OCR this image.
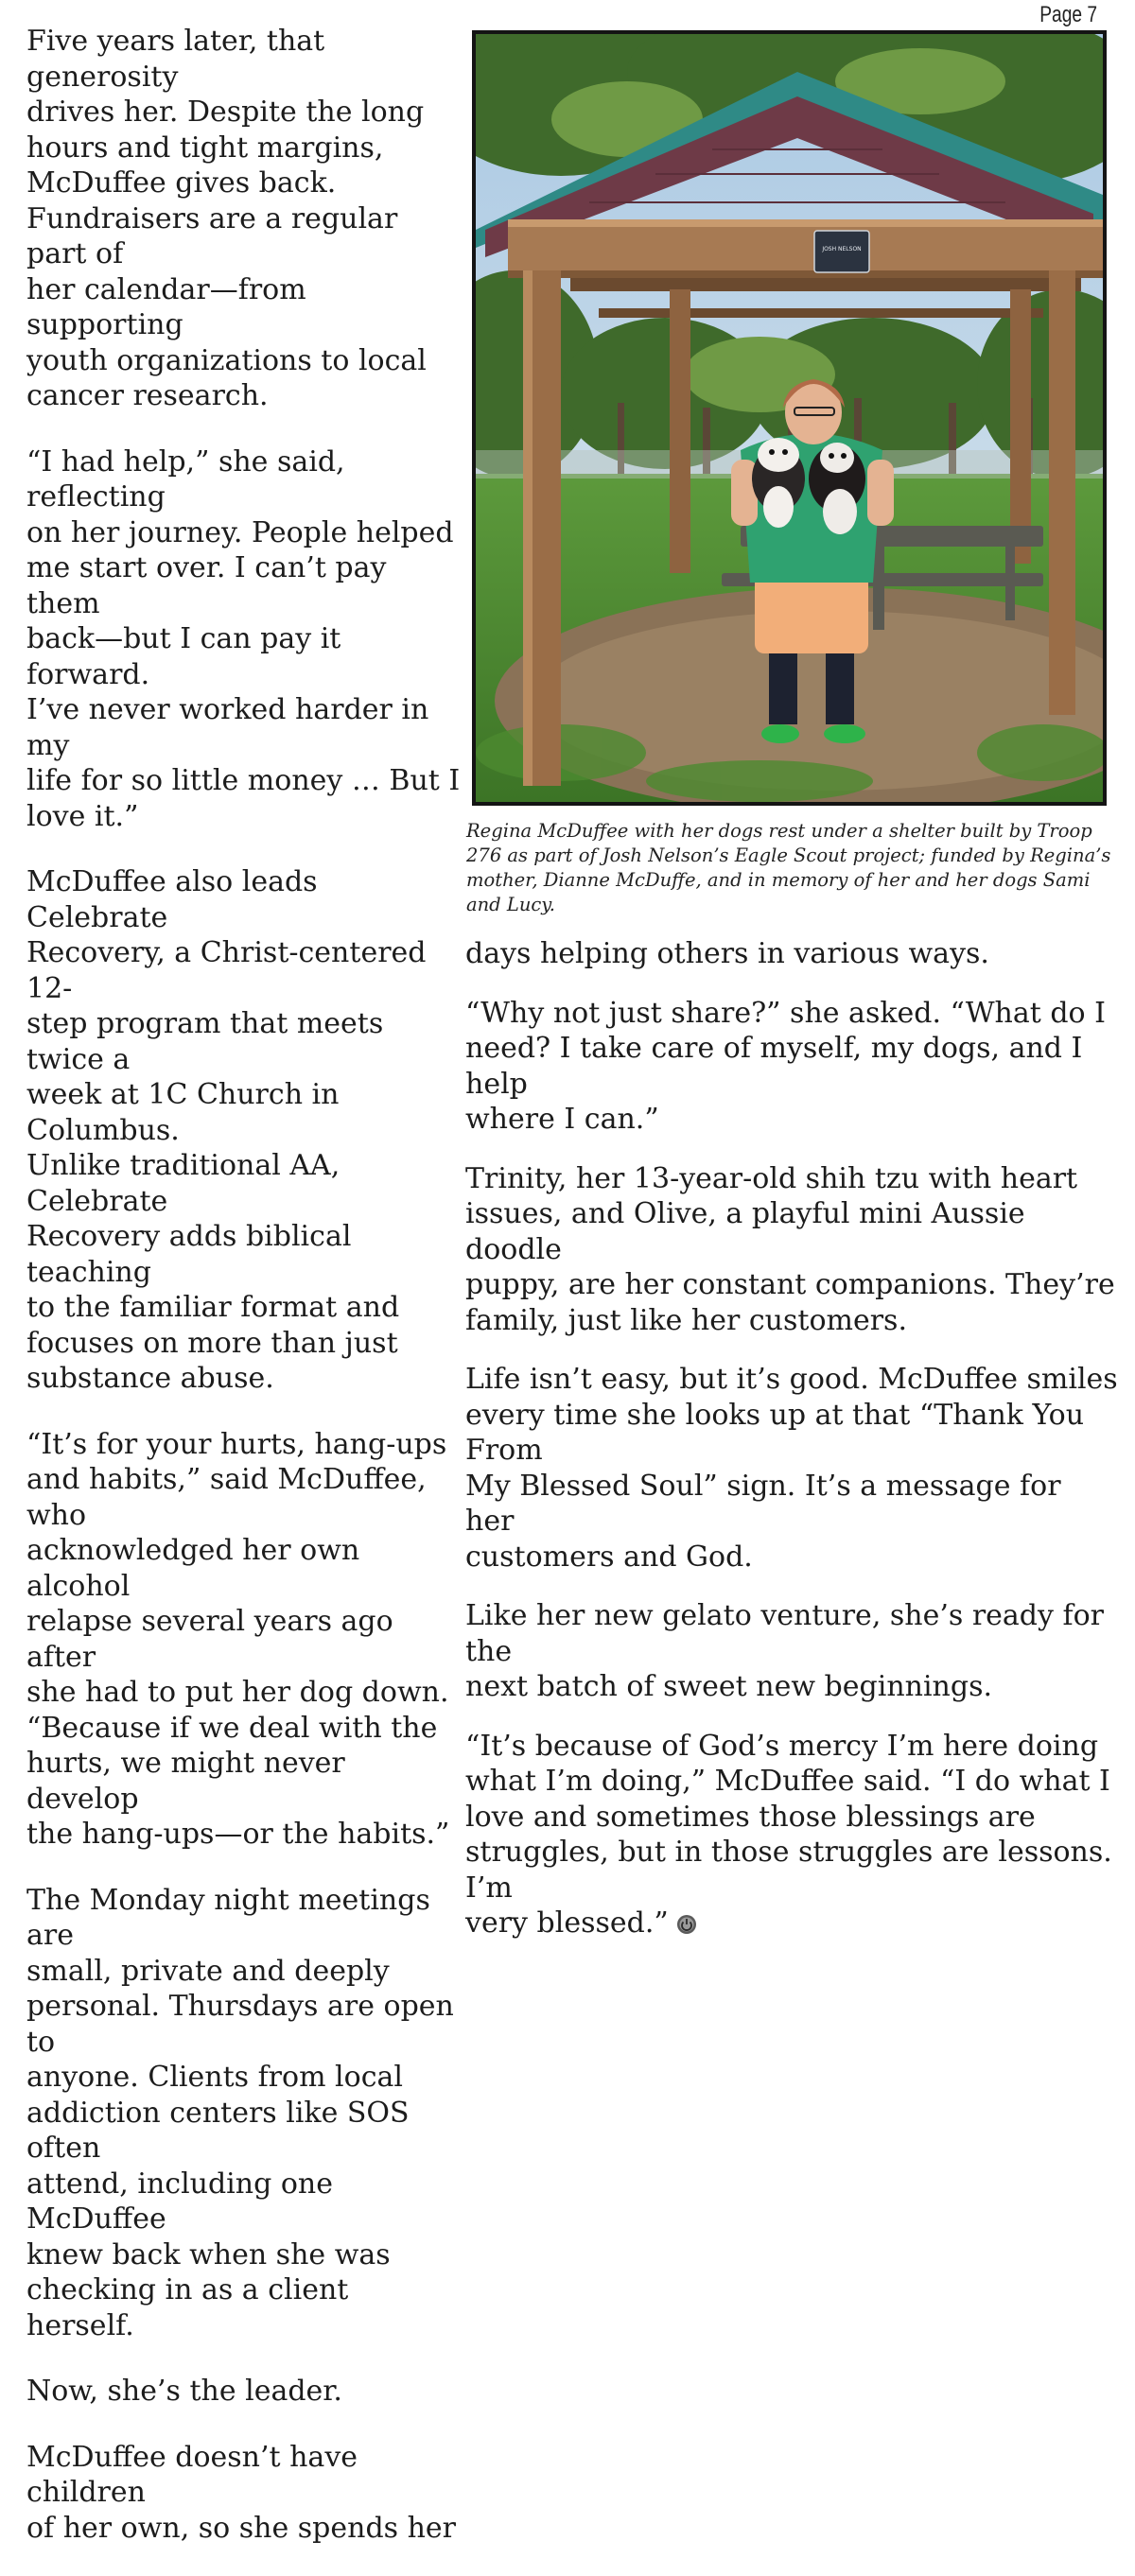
Page 7

Five years later, that generosity
drives her. Despite the long
hours and tight margins,
McDuffee gives back.
Fundraisers are a regular part of
her calendar—from supporting
youth organizations to local
cancer research.

“I had help,” she said, reflecting
on her journey. People helped
me start over. I can’t pay them
back—but I can pay it forward.
I’ve never worked harder in my
life for so little money … But I
love it.”

McDuffee also leads Celebrate
Recovery, a Christ-centered 12-
step program that meets twice a
week at 1C Church in Columbus.
Unlike traditional AA, Celebrate
Recovery adds biblical teaching
to the familiar format and
focuses on more than just
substance abuse.

“It’s for your hurts, hang-ups
and habits,” said McDuffee, who
acknowledged her own alcohol
relapse several years ago after
she had to put her dog down.
“Because if we deal with the
hurts, we might never develop
the hang-ups—or the habits.”

The Monday night meetings are
small, private and deeply
personal. Thursdays are open to
anyone. Clients from local
addiction centers like SOS often
attend, including one McDuffee
knew back when she was
checking in as a client herself.

Now, she’s the leader.

McDuffee doesn’t have children
of her own, so she spends her

JOSH NELSON
Regina McDuffee with her dogs rest under a shelter built by Troop 276 as part of Josh Nelson’s Eagle Scout project; funded by Regina’s mother, Dianne McDuffe, and in memory of her and her dogs Sami and Lucy.

days helping others in various ways.

“Why not just share?” she asked. “What do I
need? I take care of myself, my dogs, and I help
where I can.”

Trinity, her 13-year-old shih tzu with heart
issues, and Olive, a playful mini Aussie doodle
puppy, are her constant companions. They’re
family, just like her customers.

Life isn’t easy, but it’s good. McDuffee smiles
every time she looks up at that “Thank You From
My Blessed Soul” sign. It’s a message for her
customers and God.

Like her new gelato venture, she’s ready for the
next batch of sweet new beginnings.

“It’s because of God’s mercy I’m here doing
what I’m doing,” McDuffee said. “I do what I
love and sometimes those blessings are
struggles, but in those struggles are lessons. I’m
very blessed.”
